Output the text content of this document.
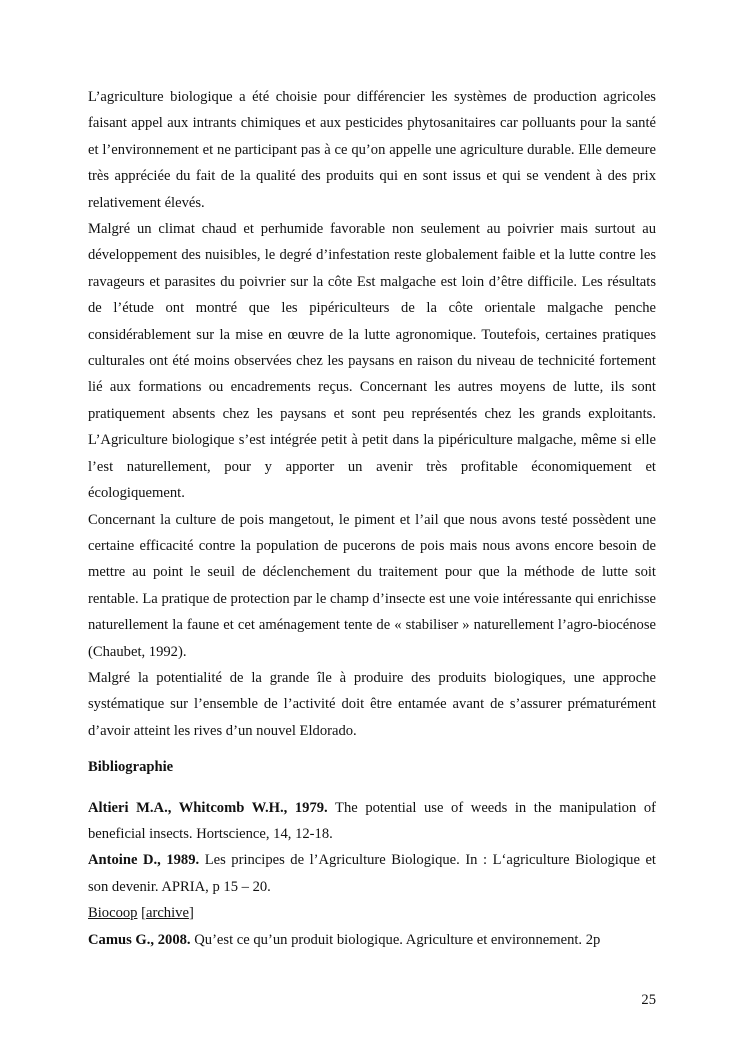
L’agriculture biologique a été choisie pour différencier les systèmes de production agricoles faisant appel aux intrants chimiques et aux pesticides phytosanitaires car polluants pour la santé et l’environnement et ne participant pas à ce qu’on appelle une agriculture durable. Elle demeure très appréciée du fait de la qualité des produits qui en sont issus et qui se vendent à des prix relativement élevés.

Malgré un climat chaud et perhumide favorable non seulement au poivrier mais surtout au développement des nuisibles, le degré d’infestation reste globalement faible et la lutte contre les ravageurs et parasites du poivrier sur la côte Est malgache est loin d’être difficile. Les résultats de l’étude ont montré que les pipériculteurs de la côte orientale malgache penche considérablement sur la mise en œuvre de la lutte agronomique. Toutefois, certaines pratiques culturales ont été moins observées chez les paysans en raison du niveau de technicité fortement lié aux formations ou encadrements reçus. Concernant les autres moyens de lutte, ils sont pratiquement absents chez les paysans et sont peu représentés chez les grands exploitants. L’Agriculture biologique s’est intégrée petit à petit dans la pipériculture malgache, même si elle l’est naturellement, pour y apporter un avenir très profitable économiquement et écologiquement.

Concernant la culture de pois mangetout, le piment et l’ail que nous avons testé possèdent une certaine efficacité contre la population de pucerons de pois mais nous avons encore besoin de mettre au point le seuil de déclenchement du traitement pour que la méthode de lutte soit rentable. La pratique de protection par le champ d’insecte est une voie intéressante qui enrichisse naturellement la faune et cet aménagement tente de « stabiliser » naturellement l’agro-biocénose (Chaubet, 1992).

Malgré la potentialité de la grande île à produire des produits biologiques, une approche systématique sur l’ensemble de l’activité doit être entamée avant de s’assurer prématurément d’avoir atteint les rives d’un nouvel Eldorado.

Bibliographie

Altieri M.A., Whitcomb W.H., 1979. The potential use of weeds in the manipulation of beneficial insects. Hortscience, 14, 12-18.

Antoine D., 1989. Les principes de l’Agriculture Biologique. In : L‘agriculture Biologique et son devenir. APRIA, p 15 – 20.

Biocoop [archive]

Camus G., 2008. Qu’est ce qu’un produit biologique. Agriculture et environnement. 2p

25
